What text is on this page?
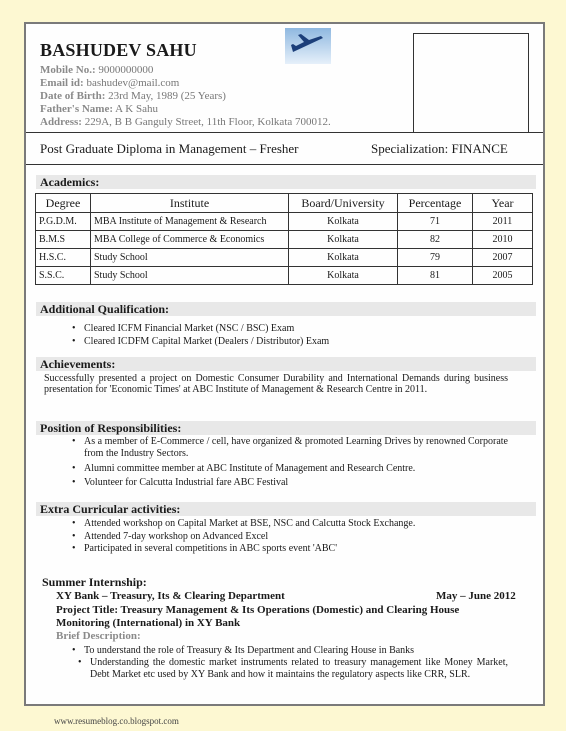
BASHUDEV SAHU
Mobile No.: 9000000000
Email id: bashudev@mail.com
Date of Birth: 23rd May, 1989 (25 Years)
Father's Name: A K Sahu
Address: 229A, B B Ganguly Street, 11th Floor, Kolkata 700012.
Post Graduate Diploma in Management – Fresher	Specialization: FINANCE
Academics:
Degree	Institute	Board/University	Percentage	Year
P.G.D.M.	MBA Institute of Management & Research	Kolkata	71	2011
B.M.S	MBA College of Commerce & Economics	Kolkata	82	2010
H.S.C.	Study School	Kolkata	79	2007
S.S.C.	Study School	Kolkata	81	2005
Additional Qualification:
• Cleared ICFM Financial Market (NSC / BSC) Exam
• Cleared ICDFM Capital Market (Dealers / Distributor) Exam
Achievements:
Successfully presented a project on Domestic Consumer Durability and International Demands during business presentation for 'Economic Times' at ABC Institute of Management & Research Centre in 2011.
Position of Responsibilities:
• As a member of E-Commerce / cell, have organized & promoted Learning Drives by renowned Corporate from the Industry Sectors.
• Alumni committee member at ABC Institute of Management and Research Centre.
• Volunteer for Calcutta Industrial fare ABC Festival
Extra Curricular activities:
• Attended workshop on Capital Market at BSE, NSC and Calcutta Stock Exchange.
• Attended 7-day workshop on Advanced Excel
• Participated in several competitions in ABC sports event 'ABC'
Summer Internship:
XY Bank – Treasury, Its & Clearing Department	May – June 2012
Project Title: Treasury Management & Its Operations (Domestic) and Clearing House
Monitoring (International) in XY Bank
Brief Description:
• To understand the role of Treasury & Its Department and Clearing House in Banks
• Understanding the domestic market instruments related to treasury management like Money Market, Debt Market etc used by XY Bank and how it maintains the regulatory aspects like CRR, SLR.
www.resumeblog.co.blogspot.com
